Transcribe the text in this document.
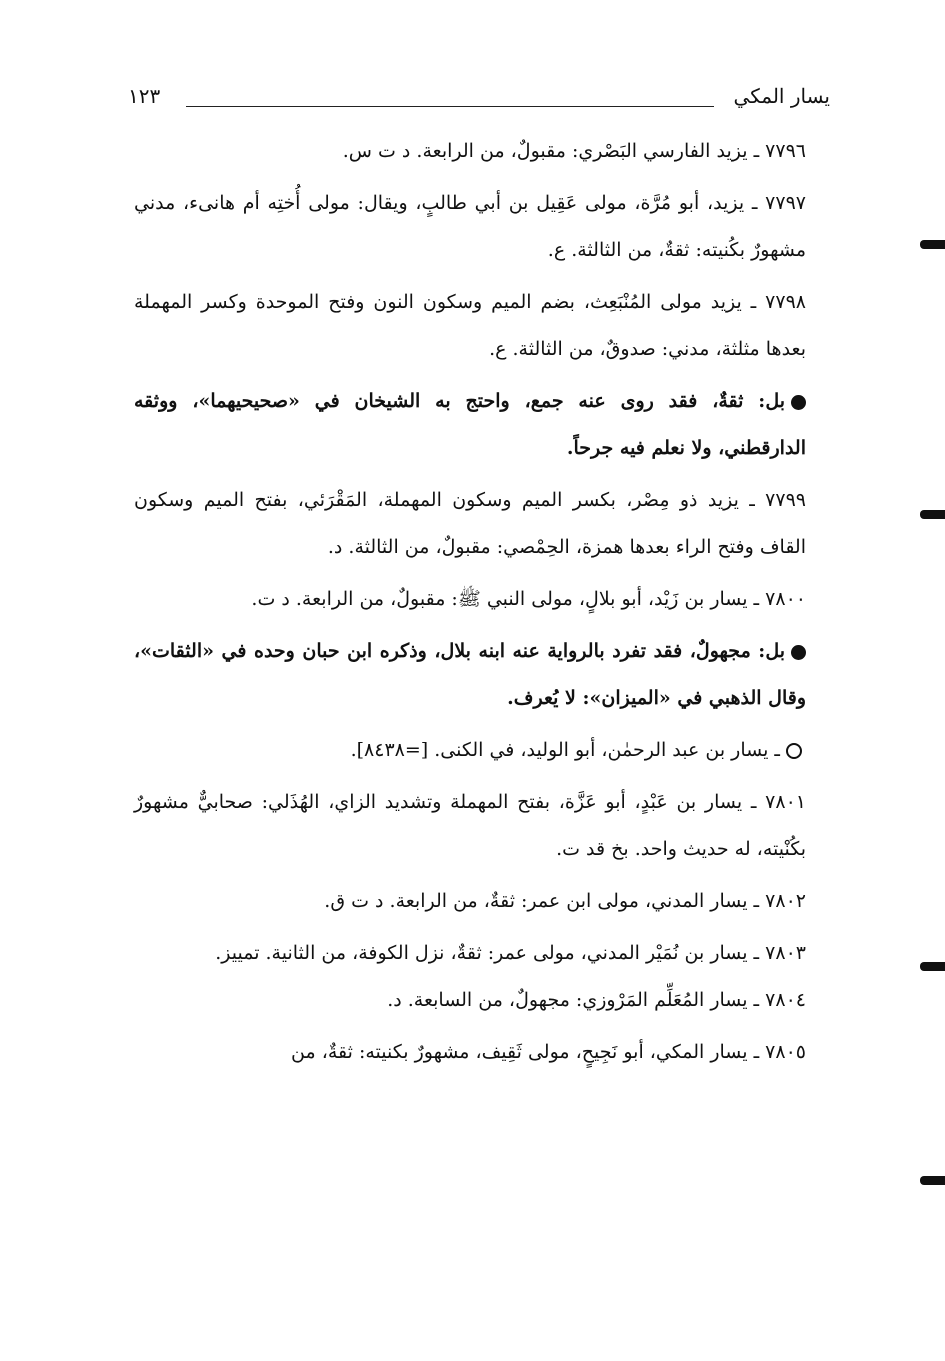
يسار المكي
١٢٣

٧٧٩٦ ـ يزيد الفارسي البَصْري: مقبولٌ، من الرابعة. د ت س.

٧٧٩٧ ـ يزيد، أبو مُرَّة، مولى عَقِيل بن أبي طالبٍ، ويقال: مولى أُختِه أم هانىء، مدني مشهورٌ بكُنيته: ثقةٌ، من الثالثة. ع.

٧٧٩٨ ـ يزيد مولى المُنْبَعِث، بضم الميم وسكون النون وفتح الموحدة وكسر المهملة بعدها مثلثة، مدني: صدوقٌ، من الثالثة. ع.

بل: ثقةٌ، فقد روى عنه جمع، واحتج به الشيخان في «صحيحيهما»، ووثقه الدارقطني، ولا نعلم فيه جرحاً.

٧٧٩٩ ـ يزيد ذو مِصْر، بكسر الميم وسكون المهملة، المَقْرَئي، بفتح الميم وسكون القاف وفتح الراء بعدها همزة، الحِمْصي: مقبولٌ، من الثالثة. د.

٧٨٠٠ ـ يسار بن زَيْد، أبو بلالٍ، مولى النبي ﷺ: مقبولٌ، من الرابعة. د ت.

بل: مجهولٌ، فقد تفرد بالرواية عنه ابنه بلال، وذكره ابن حبان وحده في «الثقات»، وقال الذهبي في «الميزان»: لا يُعرف.

ـ يسار بن عبد الرحمٰن، أبو الوليد، في الكنى. [=٨٤٣٨].

٧٨٠١ ـ يسار بن عَبْدٍ، أبو عَزَّة، بفتح المهملة وتشديد الزاي، الهُذَلي: صحابيٌّ مشهورٌ بكُنْيته، له حديث واحد. بخ قد ت.

٧٨٠٢ ـ يسار المدني، مولى ابن عمر: ثقةٌ، من الرابعة. د ت ق.

٧٨٠٣ ـ يسار بن نُمَيْر المدني، مولى عمر: ثقةٌ، نزل الكوفة، من الثانية. تمييز.

٧٨٠٤ ـ يسار المُعَلِّم المَرْوزي: مجهولٌ، من السابعة. د.

٧٨٠٥ ـ يسار المكي، أبو نَجِيحٍ، مولى ثَقِيف، مشهورٌ بكنيته: ثقةٌ، من
